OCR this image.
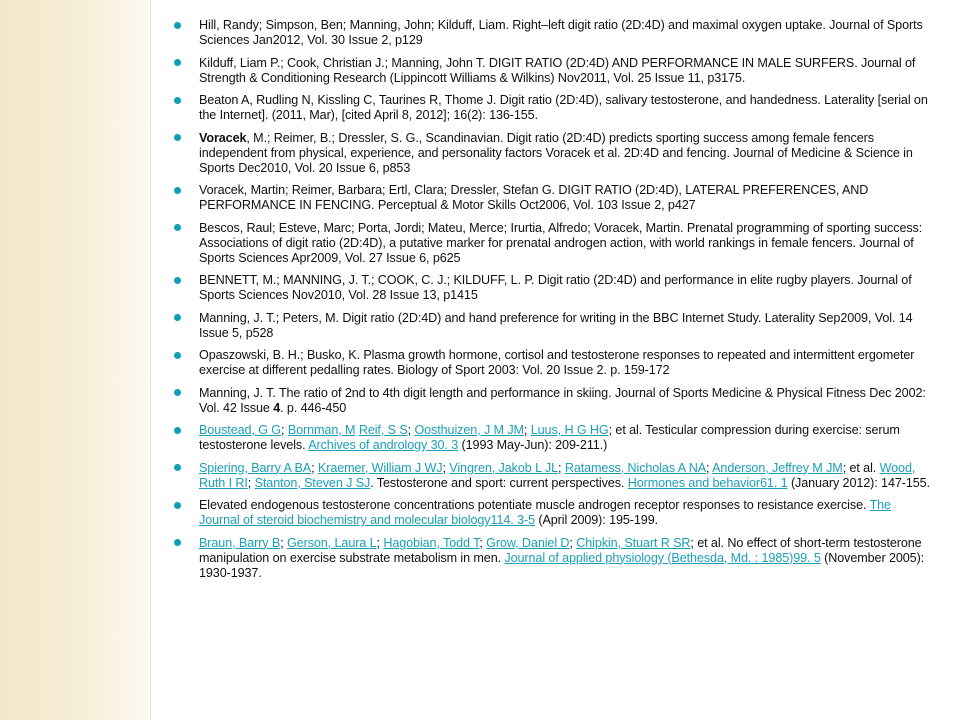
Hill, Randy; Simpson, Ben; Manning, John; Kilduff, Liam. Right–left digit ratio (2D:4D) and maximal oxygen uptake. Journal of Sports Sciences Jan2012, Vol. 30 Issue 2, p129
Kilduff, Liam P.; Cook, Christian J.; Manning, John T. DIGIT RATIO (2D:4D) AND PERFORMANCE IN MALE SURFERS. Journal of Strength & Conditioning Research (Lippincott Williams & Wilkins) Nov2011, Vol. 25 Issue 11, p3175.
Beaton A, Rudling N, Kissling C, Taurines R, Thome J. Digit ratio (2D:4D), salivary testosterone, and handedness. Laterality [serial on the Internet]. (2011, Mar), [cited April 8, 2012]; 16(2): 136-155.
Voracek, M.; Reimer, B.; Dressler, S. G., Scandinavian. Digit ratio (2D:4D) predicts sporting success among female fencers independent from physical, experience, and personality factors Voracek et al. 2D:4D and fencing. Journal of Medicine & Science in Sports Dec2010, Vol. 20 Issue 6, p853
Voracek, Martin; Reimer, Barbara; Ertl, Clara; Dressler, Stefan G. DIGIT RATIO (2D:4D), LATERAL PREFERENCES, AND PERFORMANCE IN FENCING. Perceptual & Motor Skills Oct2006, Vol. 103 Issue 2, p427
Bescos, Raul; Esteve, Marc; Porta, Jordi; Mateu, Merce; Irurtia, Alfredo; Voracek, Martin. Prenatal programming of sporting success: Associations of digit ratio (2D:4D), a putative marker for prenatal androgen action, with world rankings in female fencers. Journal of Sports Sciences Apr2009, Vol. 27 Issue 6, p625
BENNETT, M.; MANNING, J. T.; COOK, C. J.; KILDUFF, L. P. Digit ratio (2D:4D) and performance in elite rugby players. Journal of Sports Sciences Nov2010, Vol. 28 Issue 13, p1415
Manning, J. T.; Peters, M. Digit ratio (2D:4D) and hand preference for writing in the BBC Internet Study. Laterality Sep2009, Vol. 14 Issue 5, p528
Opaszowski, B. H.; Busko, K. Plasma growth hormone, cortisol and testosterone responses to repeated and intermittent ergometer exercise at different pedalling rates. Biology of Sport 2003: Vol. 20 Issue 2. p. 159-172
Manning, J. T. The ratio of 2nd to 4th digit length and performance in skiing. Journal of Sports Medicine & Physical Fitness Dec 2002: Vol. 42 Issue 4. p. 446-450
Boustead, G G; Bornman, M Reif, S S; Oosthuizen, J M JM; Luus, H G HG; et al. Testicular compression during exercise: serum testosterone levels. Archives of andrology 30. 3 (1993 May-Jun): 209-211.)
Spiering, Barry A BA; Kraemer, William J WJ; Vingren, Jakob L JL; Ratamess, Nicholas A NA; Anderson, Jeffrey M JM; et al. Wood, Ruth I RI; Stanton, Steven J SJ. Testosterone and sport: current perspectives. Hormones and behavior61. 1 (January 2012): 147-155.
Elevated endogenous testosterone concentrations potentiate muscle androgen receptor responses to resistance exercise. The Journal of steroid biochemistry and molecular biology114. 3-5 (April 2009): 195-199.
Braun, Barry B; Gerson, Laura L; Hagobian, Todd T; Grow, Daniel D; Chipkin, Stuart R SR; et al. No effect of short-term testosterone manipulation on exercise substrate metabolism in men. Journal of applied physiology (Bethesda, Md. : 1985)99. 5 (November 2005): 1930-1937.
